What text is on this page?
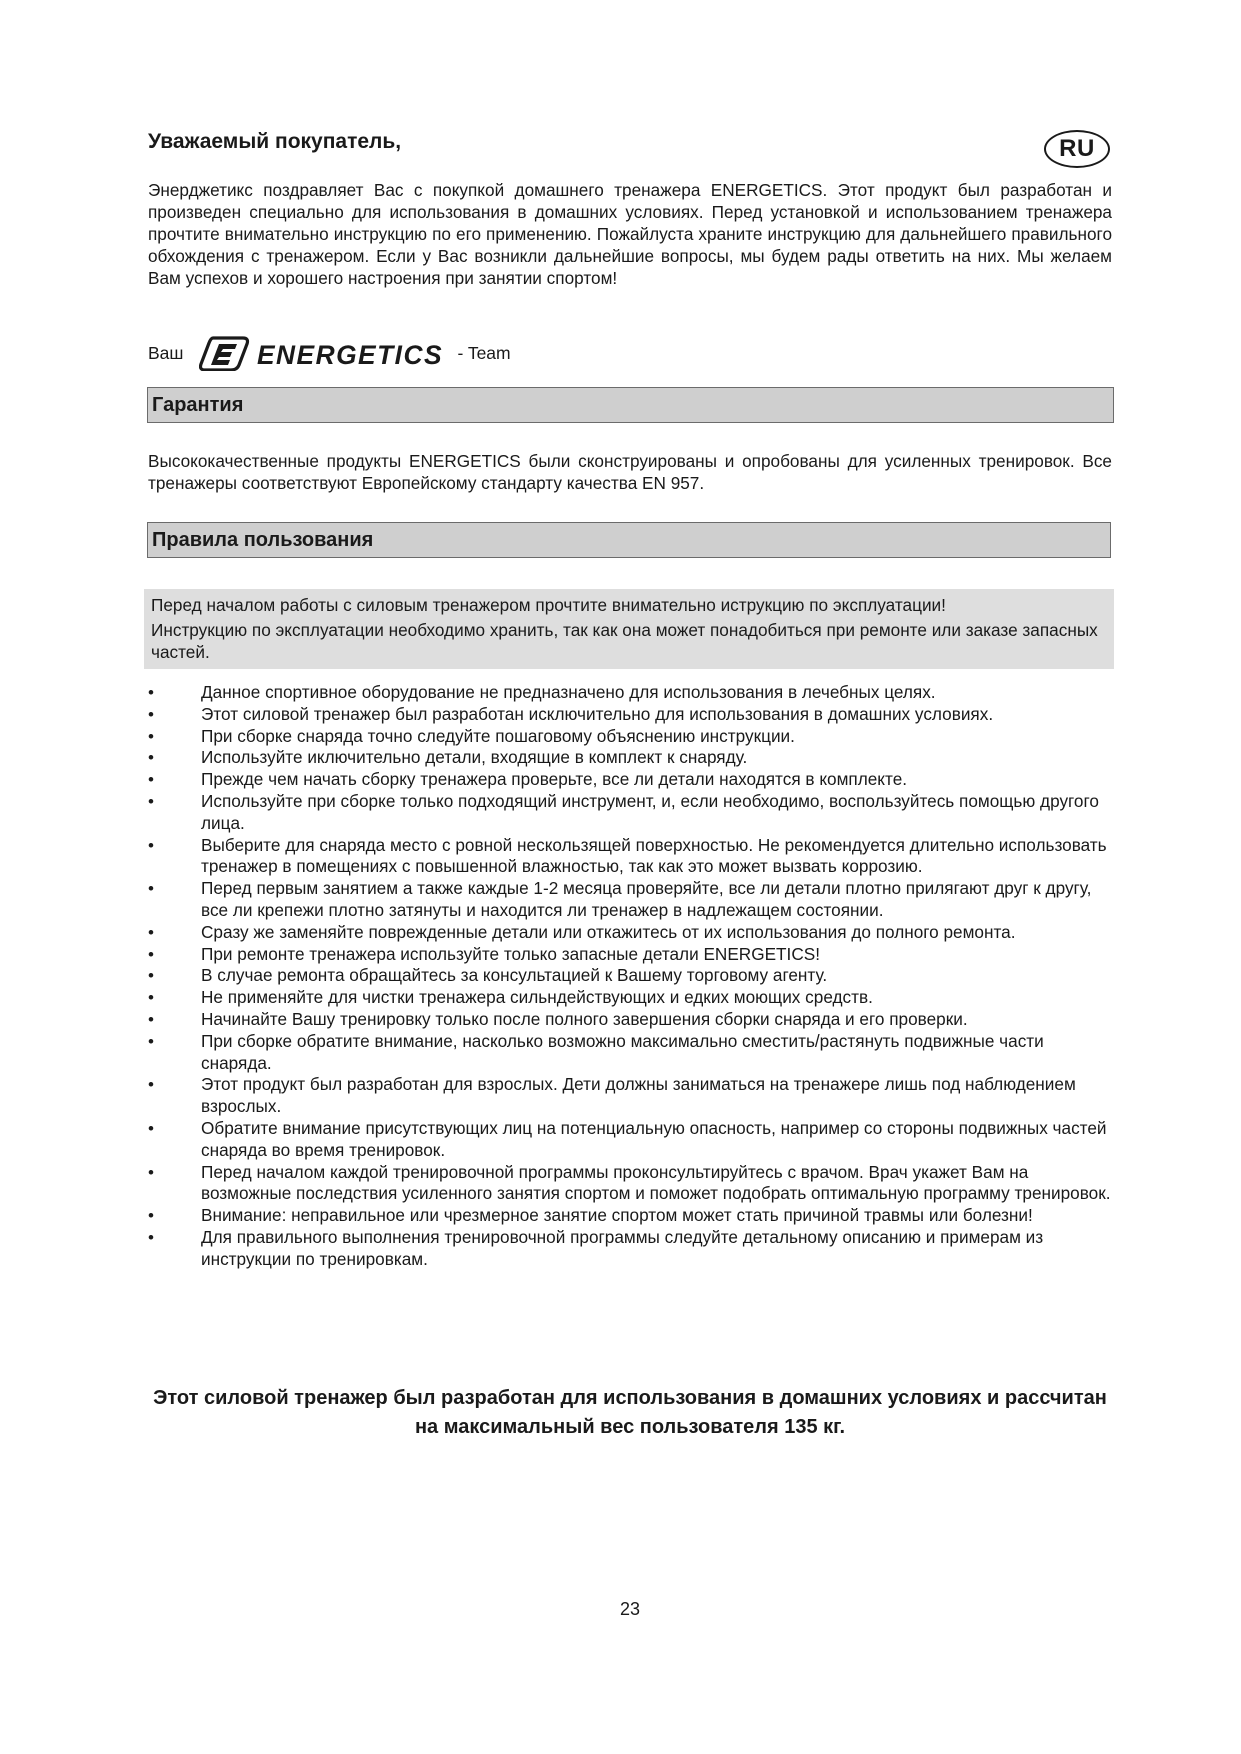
Уважаемый покупатель,	RU

Энерджетикс поздравляет Вас с покупкой домашнего тренажера ENERGETICS. Этот продукт был разработан и произведен специально для использования в домашних условиях. Перед установкой и использованием тренажера прочтите внимательно инструкцию по его применению. Пожайлуста храните инструкцию для дальнейшего правильного обхождения с тренажером. Если у Вас возникли дальнейшие вопросы, мы будем рады ответить на них. Мы желаем Вам успехов и хорошего настроения при занятии спортом!

Ваш	ENERGETICS - Team
Гарантия

Высококачественные продукты ENERGETICS были сконструированы и опробованы для усиленных тренировок. Все тренажеры соответствуют Европейскому стандарту качества EN 957.

Правила пользования

Перед началом работы с силовым тренажером прочтите внимательно иструкцию по эксплуатации!

Инструкцию по эксплуатации необходимо хранить, так как она может понадобиться при ремонте или заказе запасных частей.

• Данное спортивное оборудование не предназначено для использования в лечебных целях.
• Этот силовой тренажер был разработан исключительно для использования в домашних условиях.
• При сборке снаряда точно следуйте пошаговому объяснению инструкции.
• Используйте иключительно детали, входящие в комплект к снаряду.
• Прежде чем начать сборку тренажера проверьте, все ли детали находятся в комплекте.
• Используйте при сборке только подходящий инструмент, и, если необходимо, воспользуйтесь помощью другого лица.
• Выберите для снаряда место с ровной нескользящей поверхностью. Не рекомендуется длительно использовать тренажер в помещениях с повышенной влажностью, так как это может вызвать коррозию.
• Перед первым занятием а также каждые 1-2 месяца проверяйте, все ли детали плотно прилягают друг к другу, все ли крепежи плотно затянуты и находится ли тренажер в надлежащем состоянии.
• Сразу же заменяйте поврежденные детали или откажитесь от их использования до полного ремонта.
• При ремонте тренажера используйте только запасные детали ENERGETICS!
• В случае ремонта обращайтесь за консультацией к Вашему торговому агенту.
• Не применяйте для чистки тренажера сильндействующих и едких моющих средств.
• Начинайте Вашу тренировку только после полного завершения сборки снаряда и его проверки.
• При сборке обратите внимание, насколько возможно максимально сместить/растянуть подвижные части снаряда.
• Этот продукт был разработан для взрослых. Дети должны заниматься на тренажере лишь под наблюдением взрослых.
• Обратите внимание присутствующих лиц на потенциальную опасность, например со стороны подвижных частей снаряда во время тренировок.
• Перед началом каждой тренировочной программы проконсультируйтесь с врачом. Врач укажет Вам на возможные последствия усиленного занятия спортом и поможет подобрать оптимальную программу тренировок.
• Внимание: неправильное или чрезмерное занятие спортом может стать причиной травмы или болезни!
• Для правильного выполнения тренировочной программы следуйте детальному описанию и примерам из инструкции по тренировкам.
Этот силовой тренажер был разработан для использования в домашних условиях и рассчитан на максимальный вес пользователя 135 кг.
23
